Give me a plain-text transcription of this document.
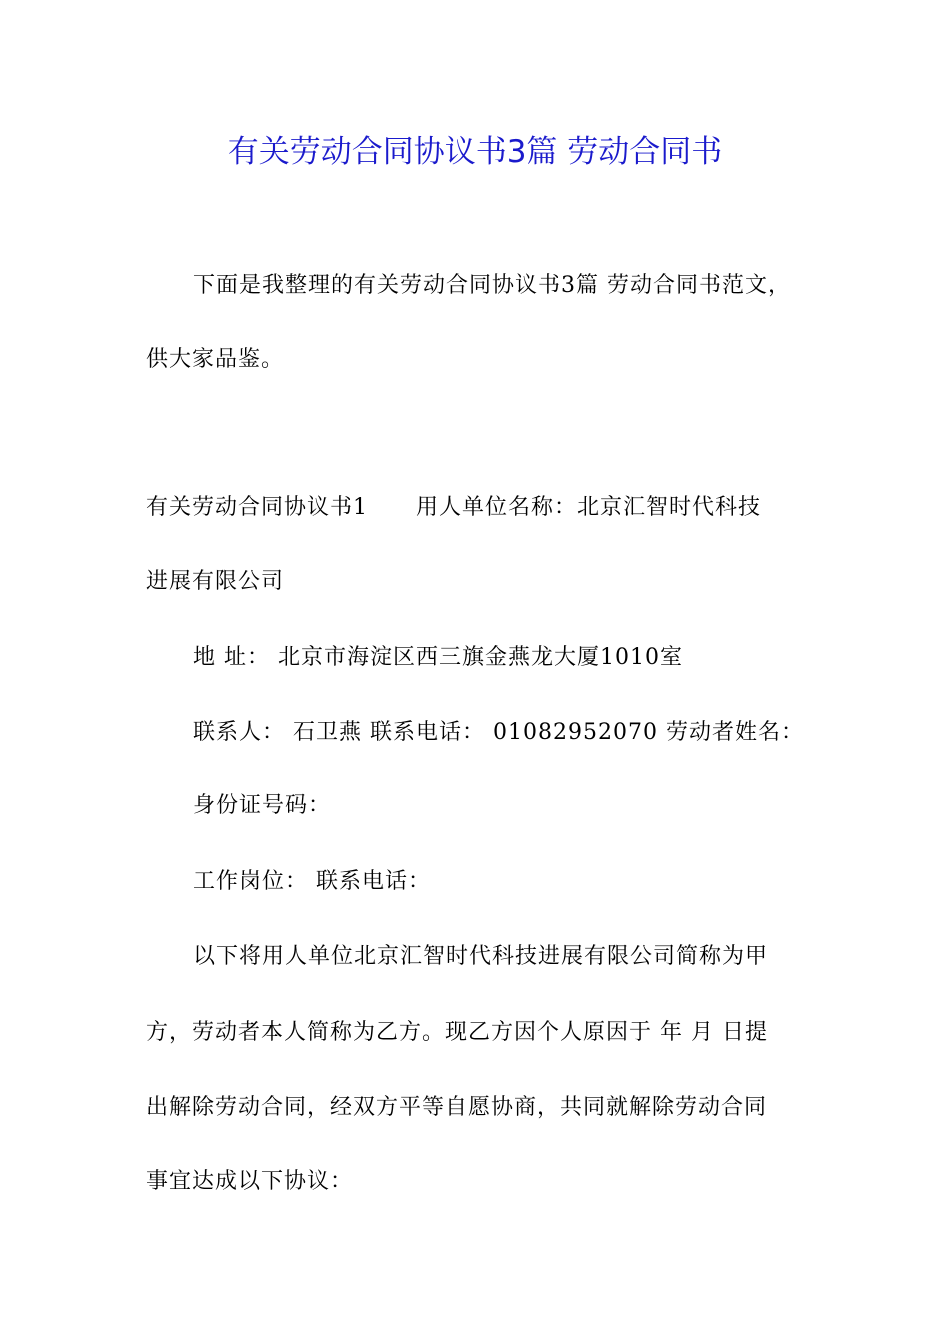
有关劳动合同协议书3篇 劳动合同书
下面是我整理的有关劳动合同协议书3篇 劳动合同书范文，
供大家品鉴。
有关劳动合同协议书1 用人单位名称：北京汇智时代科技
进展有限公司
地 址： 北京市海淀区西三旗金燕龙大厦1010室
联系人： 石卫燕 联系电话： 01082952070 劳动者姓名：
身份证号码：
工作岗位： 联系电话：
以下将用人单位北京汇智时代科技进展有限公司简称为甲
方，劳动者本人简称为乙方。现乙方因个人原因于 年 月 日提
出解除劳动合同，经双方平等自愿协商，共同就解除劳动合同
事宜达成以下协议：
